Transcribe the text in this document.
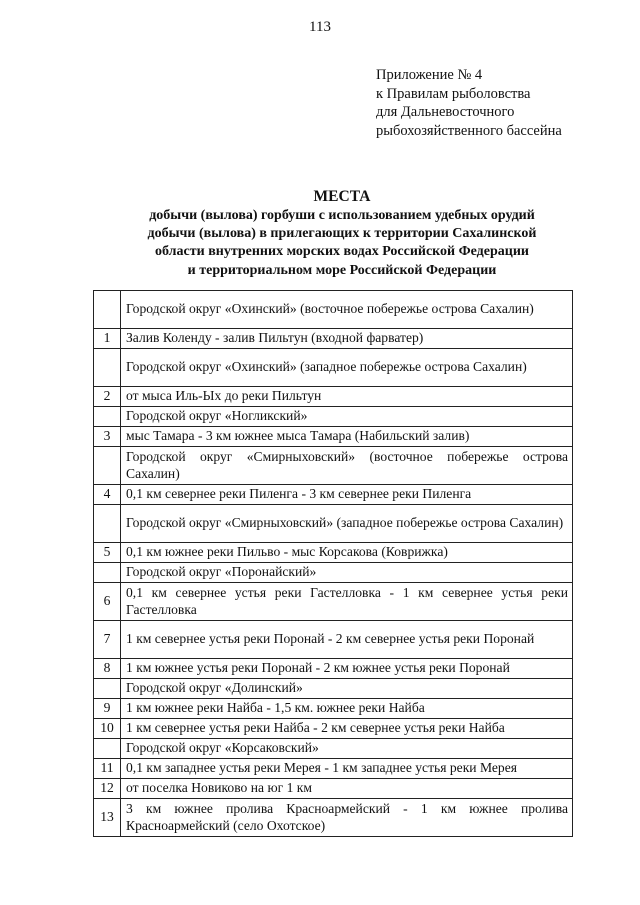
113
Приложение № 4
к Правилам рыболовства
для Дальневосточного
рыбохозяйственного бассейна
МЕСТА
добычи (вылова) горбуши с использованием удебных орудий
добычи (вылова) в прилегающих к территории Сахалинской
области внутренних морских водах Российской Федерации
и территориальном море Российской Федерации
	Городской округ «Охинский» (восточное побережье острова Сахалин)
1	Залив Коленду - залив Пильтун (входной фарватер)
	Городской округ «Охинский» (западное побережье острова Сахалин)
2	от мыса Иль-Ых до реки Пильтун
	Городской округ «Ногликский»
3	мыс Тамара - 3 км южнее мыса Тамара (Набильский залив)
	Городской округ «Смирныховский» (восточное побережье острова Сахалин)
4	0,1 км севернее реки Пиленга - 3 км севернее реки Пиленга
	Городской округ «Смирныховский» (западное побережье острова Сахалин)
5	0,1 км южнее реки Пильво - мыс Корсакова (Коврижка)
	Городской округ «Поронайский»
6	0,1 км севернее устья реки Гастелловка - 1 км севернее устья реки Гастелловка
7	1 км севернее устья реки Поронай - 2 км севернее устья реки Поронай
8	1 км южнее устья реки Поронай - 2 км южнее устья реки Поронай
	Городской округ «Долинский»
9	1 км южнее реки Найба - 1,5 км. южнее реки Найба
10	1 км севернее устья реки Найба - 2 км севернее устья реки Найба
	Городской округ «Корсаковский»
11	0,1 км западнее устья реки Мерея - 1 км западнее устья реки Мерея
12	от поселка Новиково на юг 1 км
13	3 км южнее пролива Красноармейский - 1 км южнее пролива Красноармейский (село Охотское)
